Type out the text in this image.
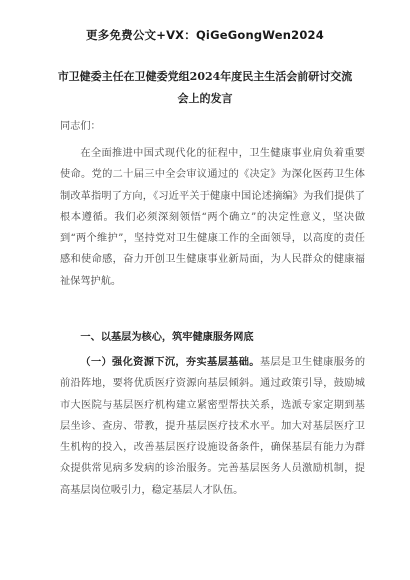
更多免费公文+VX：QiGeGongWen2024
市卫健委主任在卫健委党组2024年度民主生活会前研讨交流会上的发言
同志们：
在全面推进中国式现代化的征程中，卫生健康事业肩负着重要使命。党的二十届三中全会审议通过的《决定》为深化医药卫生体制改革指明了方向，《习近平关于健康中国论述摘编》为我们提供了根本遵循。我们必须深刻领悟“两个确立”的决定性意义，坚决做到“两个维护”，坚持党对卫生健康工作的全面领导，以高度的责任感和使命感，奋力开创卫生健康事业新局面，为人民群众的健康福祉保驾护航。
一、以基层为核心，筑牢健康服务网底
（一）强化资源下沉，夯实基层基础。基层是卫生健康服务的前沿阵地，要将优质医疗资源向基层倾斜。通过政策引导，鼓励城市大医院与基层医疗机构建立紧密型帮扶关系，选派专家定期到基层坐诊、查房、带教，提升基层医疗技术水平。加大对基层医疗卫生机构的投入，改善基层医疗设施设备条件，确保基层有能力为群众提供常见病多发病的诊治服务。完善基层医务人员激励机制，提高基层岗位吸引力，稳定基层人才队伍。
